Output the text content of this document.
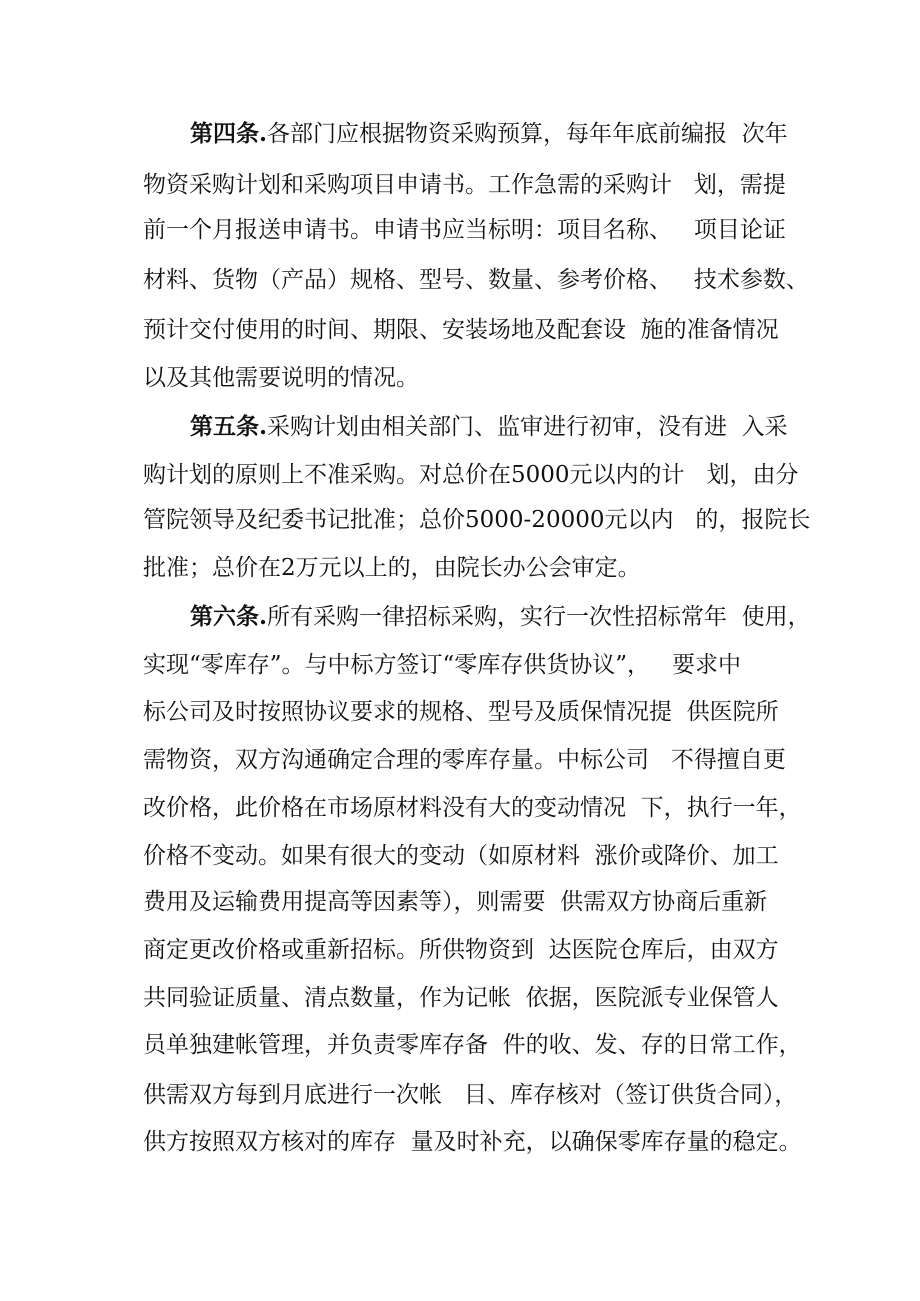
第四条.各部门应根据物资采购预算，每年年底前编报  次年
物资采购计划和采购项目申请书。工作急需的采购计   划，需提
前一个月报送申请书。申请书应当标明：项目名称、   项目论证
材料、货物（产品）规格、型号、数量、参考价格、   技术参数、
预计交付使用的时间、期限、安装场地及配套设  施的准备情况
以及其他需要说明的情况。
第五条.采购计划由相关部门、监审进行初审，没有进  入采
购计划的原则上不准采购。对总价在5000元以内的计   划，由分
管院领导及纪委书记批准；总价5000-20000元以内   的，报院长
批准；总价在2万元以上的，由院长办公会审定。
第六条.所有采购一律招标采购，实行一次性招标常年  使用，
实现“零库存”。与中标方签订“零库存供货协议”，   要求中
标公司及时按照协议要求的规格、型号及质保情况提  供医院所
需物资，双方沟通确定合理的零库存量。中标公司   不得擅自更
改价格，此价格在市场原材料没有大的变动情况  下，执行一年，
价格不变动。如果有很大的变动（如原材料  涨价或降价、加工
费用及运输费用提高等因素等），则需要  供需双方协商后重新
商定更改价格或重新招标。所供物资到  达医院仓库后，由双方
共同验证质量、清点数量，作为记帐  依据，医院派专业保管人
员单独建帐管理，并负责零库存备  件的收、发、存的日常工作，
供需双方每到月底进行一次帐   目、库存核对（签订供货合同），
供方按照双方核对的库存  量及时补充，以确保零库存量的稳定。
